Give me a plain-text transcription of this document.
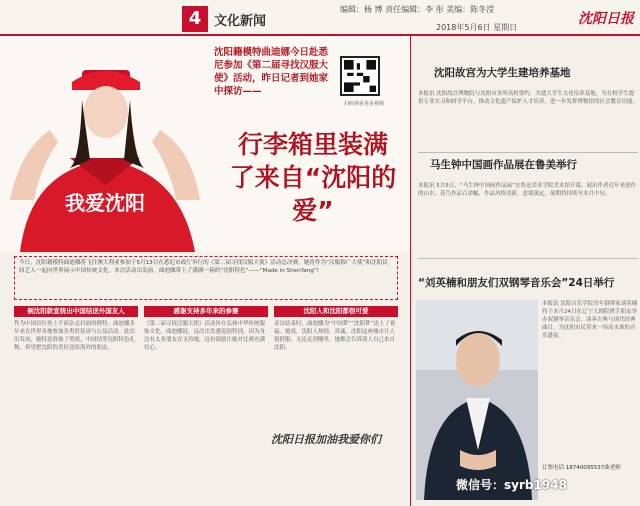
4 文化新闻
编辑：杨 博 责任编辑：李 彤 美编：陈冬滢
2018年5月6日 星期日
沈阳日报
我爱沈阳
沈阳籍模特曲迪娜今日赴悉尼参加《第二届寻找汉服大使》活动，昨日记者到她家中探访——
扫码观看更多视频
行李箱里装满了来自“沈阳的爱”
今日，沈阳籍模特曲迪娜将飞往澳大利亚参加于5月13日在悉尼市政厅举行的《第二届寻找汉服大使》活动总决赛，她将作为“汉服推广大使”和沈阳民间艺人一起向世界展示中国传统文化。本次活动出发前，曲迪娜带上了满满一箱的“沈阳特色”——“Made in ShenYang”!
倒沈阳款宣统出中国结送外国友人	感谢支持多年来的参赛	沈阳人和沈阳都很可爱
作为中国首位登上平面杂志封面的模特，曲迪娜多年来在世界各地参加各类时装周与公益活动。此次出发前，她特意准备了剪纸、中国结等沈阳特色礼物，希望把沈阳的美好送给海外的朋友。
《第二届寻找汉服大使》活动旨在弘扬中华传统服饰文化。曲迪娜说，这次出发感觉很特别，因为身边有太多朋友在支持她，这份鼓励让她对比赛充满信心。
采访结束时，曲迪娜为“中国梦”“沈阳梦”送上了祝福。她说，沈阳人热情、真诚，沈阳这座城市让人很舒服，无论走到哪里，她都会告诉别人自己来自沈阳。
沈阳日报加油我爱你们
沈阳故宫为大学生建培养基地
本报讯 沈阳故宫博物院与沈阳市多所高校签约，共建大学生文化培养基地，为在校学生提供专业实习和研学平台，推动文化遗产保护人才培养，进一步发挥博物馆的社会教育功能。
马生钟中国画作品展在鲁美举行
本报讯 5月5日，“马生钟中国画作品展”在鲁迅美术学院美术馆开幕，展出作者近年来创作的山水、花鸟作品百余幅，作品风格清新，意境深远，展期将持续至本月中旬。
“刘英楠和朋友们双钢琴音乐会”24日举行
本报讯 沈阳音乐学院青年钢琴家刘英楠将于本月24日在辽宁大剧院携手朋友举办双钢琴音乐会，演奏古典与现代经典曲目，为沈阳市民带来一场高水准的音乐盛宴。
订票电话 18740095537曲老师
微信号：syrb1948
